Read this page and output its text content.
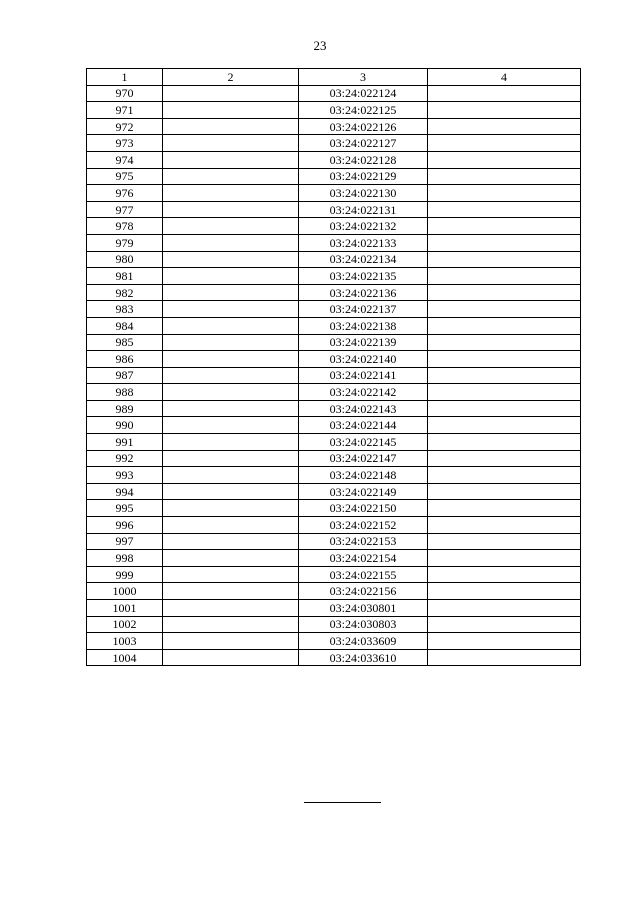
23
1	2	3	4
970		03:24:022124	
971		03:24:022125	
972		03:24:022126	
973		03:24:022127	
974		03:24:022128	
975		03:24:022129	
976		03:24:022130	
977		03:24:022131	
978		03:24:022132	
979		03:24:022133	
980		03:24:022134	
981		03:24:022135	
982		03:24:022136	
983		03:24:022137	
984		03:24:022138	
985		03:24:022139	
986		03:24:022140	
987		03:24:022141	
988		03:24:022142	
989		03:24:022143	
990		03:24:022144	
991		03:24:022145	
992		03:24:022147	
993		03:24:022148	
994		03:24:022149	
995		03:24:022150	
996		03:24:022152	
997		03:24:022153	
998		03:24:022154	
999		03:24:022155	
1000		03:24:022156	
1001		03:24:030801	
1002		03:24:030803	
1003		03:24:033609	
1004		03:24:033610	
